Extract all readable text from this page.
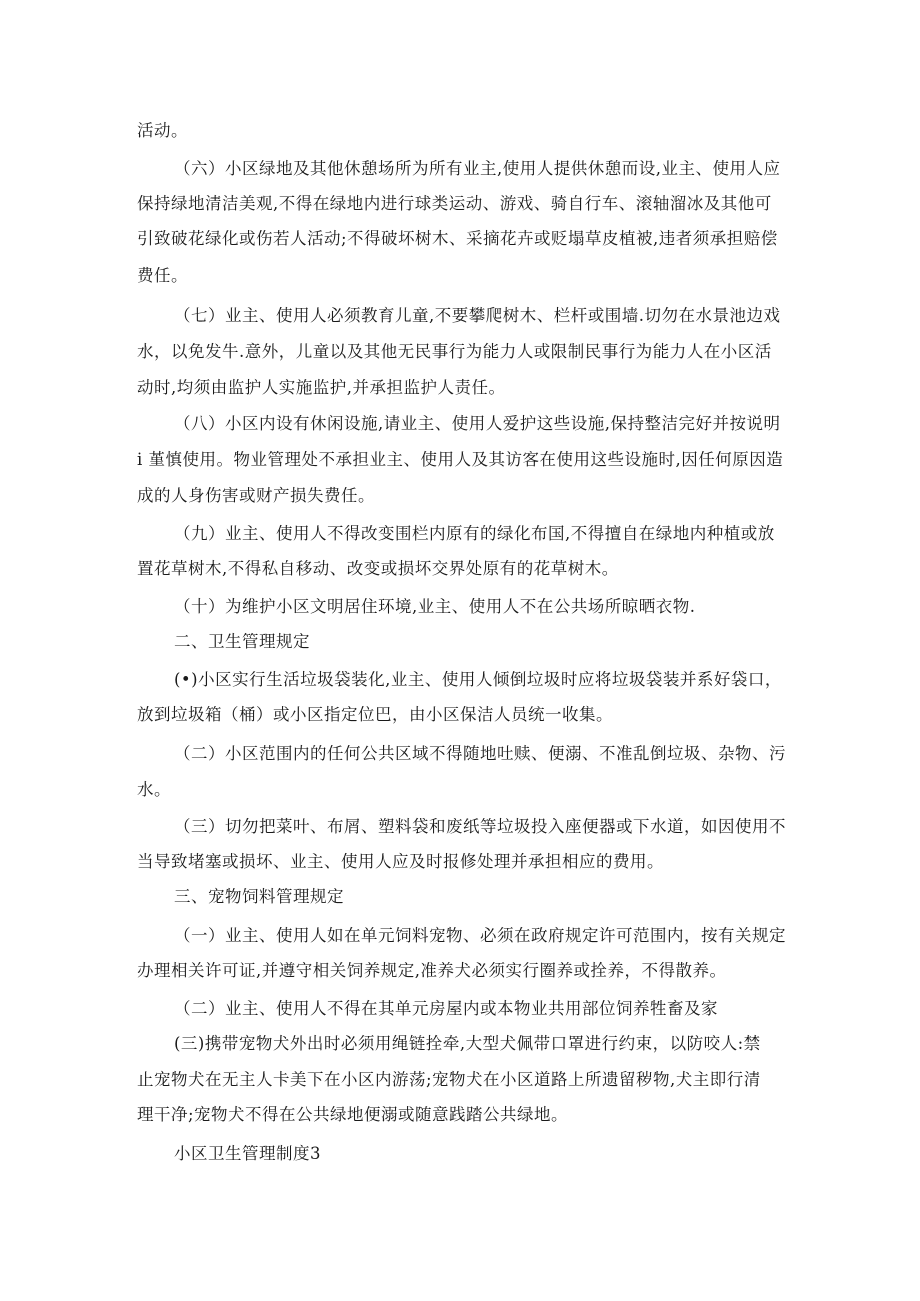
活动。
（六）小区绿地及其他休憩场所为所有业主,使用人提供休憩而设,业主、使用人应
保持绿地清洁美观,不得在绿地内进行球类运动、游戏、骑自行车、滚轴溜冰及其他可
引致破花绿化或伤若人活动;不得破坏树木、采摘花卉或贬塌草皮植被,违者须承担赔偿
费任。
（七）业主、使用人必须教育儿童,不要攀爬树木、栏杆或围墙.切勿在水景池边戏
水，以免发牛.意外，儿童以及其他无民事行为能力人或限制民事行为能力人在小区活
动时,均须由监护人实施监护,并承担监护人责任。
（八）小区内设有休闲设施,请业主、使用人爱护这些设施,保持整洁完好并按说明
i 堇慎使用。物业管理处不承担业主、使用人及其访客在使用这些设施时,因任何原因造
成的人身伤害或财产损失费任。
（九）业主、使用人不得改变围栏内原有的绿化布国,不得擅自在绿地内种植或放
置花草树木,不得私自移动、改变或损坏交界处原有的花草树木。
（十）为维护小区文明居住环境,业主、使用人不在公共场所晾晒衣物.
二、卫生管理规定
(•)小区实行生活垃圾袋装化,业主、使用人倾倒垃圾时应将垃圾袋装并系好袋口，
放到垃圾箱（桶）或小区指定位巴，由小区保洁人员统一收集。
（二）小区范围内的任何公共区域不得随地吐赎、便溺、不准乱倒垃圾、杂物、污
水。
（三）切勿把菜叶、布屑、塑料袋和废纸等垃圾投入座便器或下水道，如因使用不
当导致堵塞或损坏、业主、使用人应及时报修处理并承担相应的费用。
三、宠物饲料管理规定
（一）业主、使用人如在单元饲料宠物、必须在政府规定许可范围内，按有关规定
办理相关许可证,并遵守相关饲养规定,准养犬必须实行圈养或拴养，不得散养。
（二）业主、使用人不得在其单元房屋内或本物业共用部位饲养牲畜及家
(三)携带宠物犬外出时必须用绳链拴牵,大型犬佩带口罩进行约束，以防咬人:禁
止宠物犬在无主人卡美下在小区内游荡;宠物犬在小区道路上所遗留秽物,犬主即行清
理干净;宠物犬不得在公共绿地便溺或随意践踏公共绿地。
小区卫生管理制度3
